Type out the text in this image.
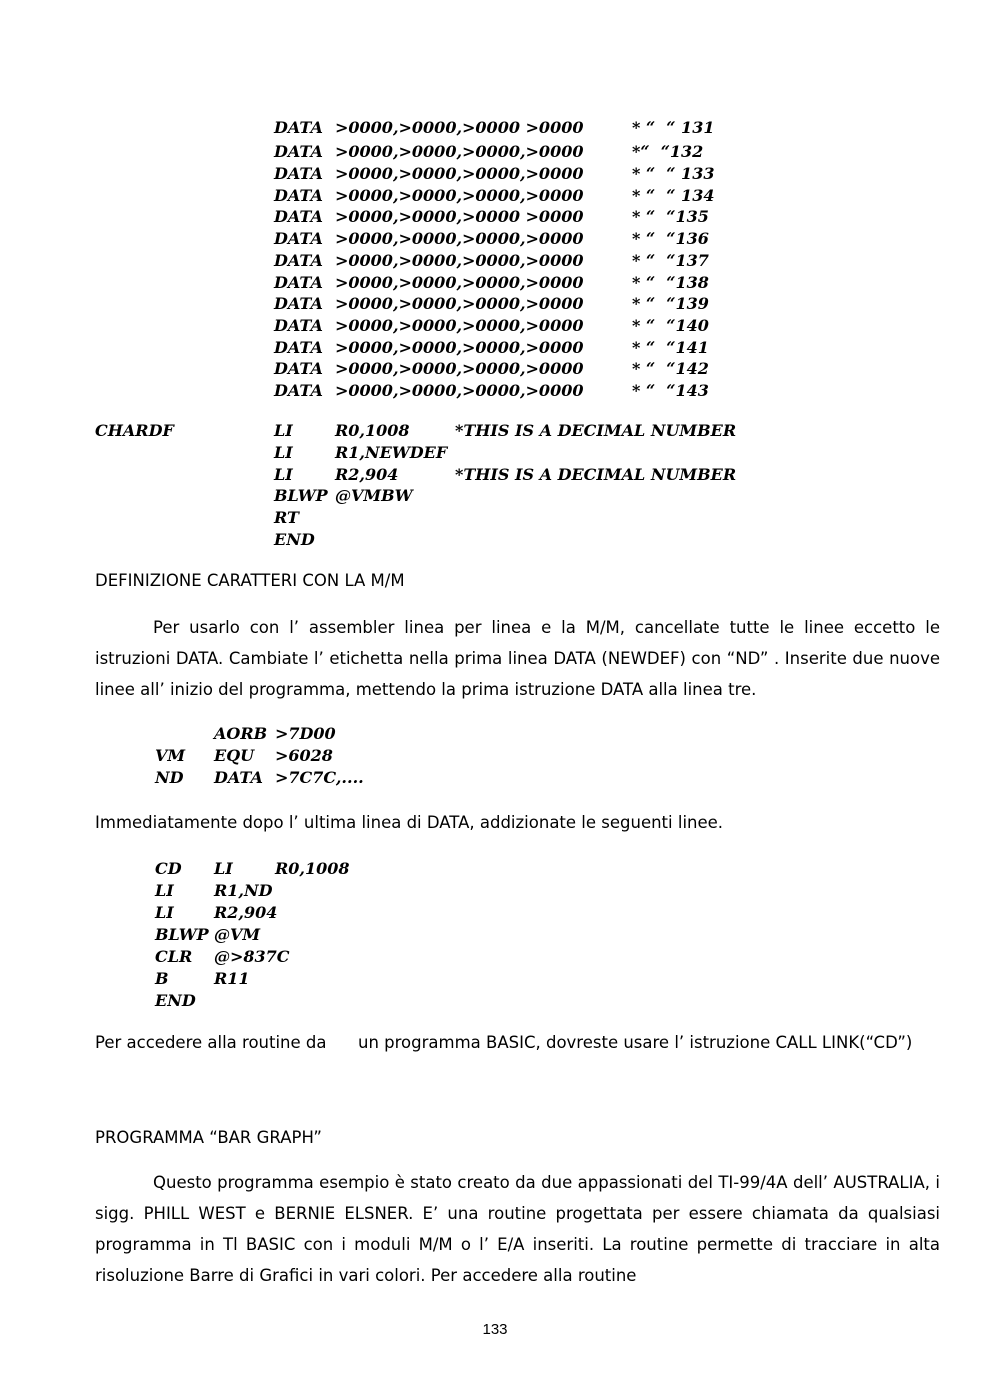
DATA >0000,>0000,>0000 >0000	* “  “ 131
DATA >0000,>0000,>0000,>0000	*“  “132
DATA >0000,>0000,>0000,>0000	* “  “ 133
DATA >0000,>0000,>0000,>0000	* “  “ 134
DATA >0000,>0000,>0000 >0000	* “  “135
DATA >0000,>0000,>0000,>0000	* “  “136
DATA >0000,>0000,>0000,>0000	* “  “137
DATA >0000,>0000,>0000,>0000	* “  “138
DATA >0000,>0000,>0000,>0000	* “  “139
DATA >0000,>0000,>0000,>0000	* “  “140
DATA >0000,>0000,>0000,>0000	* “  “141
DATA >0000,>0000,>0000,>0000	* “  “142
DATA >0000,>0000,>0000,>0000	* “  “143
CHARDF	LI	R0,1008	*THIS IS A DECIMAL NUMBER
LI	R1,NEWDEF
LI	R2,904	*THIS IS A DECIMAL NUMBER
BLWP @VMBW
RT
END
DEFINIZIONE CARATTERI CON LA M/M

Per usarlo con l’ assembler linea per linea e la M/M, cancellate tutte le linee eccetto le istruzioni DATA. Cambiate l’ etichetta nella prima linea DATA (NEWDEF) con “ND” . Inserite due nuove linee all’ inizio del programma, mettendo la prima istruzione DATA alla linea tre.

AORB >7D00
VM EQU >6028
ND DATA >7C7C,....
Immediatamente dopo l’ ultima linea di DATA, addizionate le seguenti linee.
CD LI	R0,1008
LI	R1,ND
LI	R2,904
BLWP @VM
CLR @>837C
B	R11
END
Per accedere alla routine da un programma BASIC, dovreste usare l’ istruzione CALL LINK(“CD”)
PROGRAMMA “BAR GRAPH”

Questo programma esempio è stato creato da due appassionati del TI-99/4A dell’ AUSTRALIA, i sigg. PHILL WEST e BERNIE ELSNER. E’ una routine progettata per essere chiamata da qualsiasi programma in Tl BASIC con i moduli M/M o l’ E/A inseriti. La routine permette di tracciare in alta risoluzione Barre di Grafici in vari colori. Per accedere alla routine

133
